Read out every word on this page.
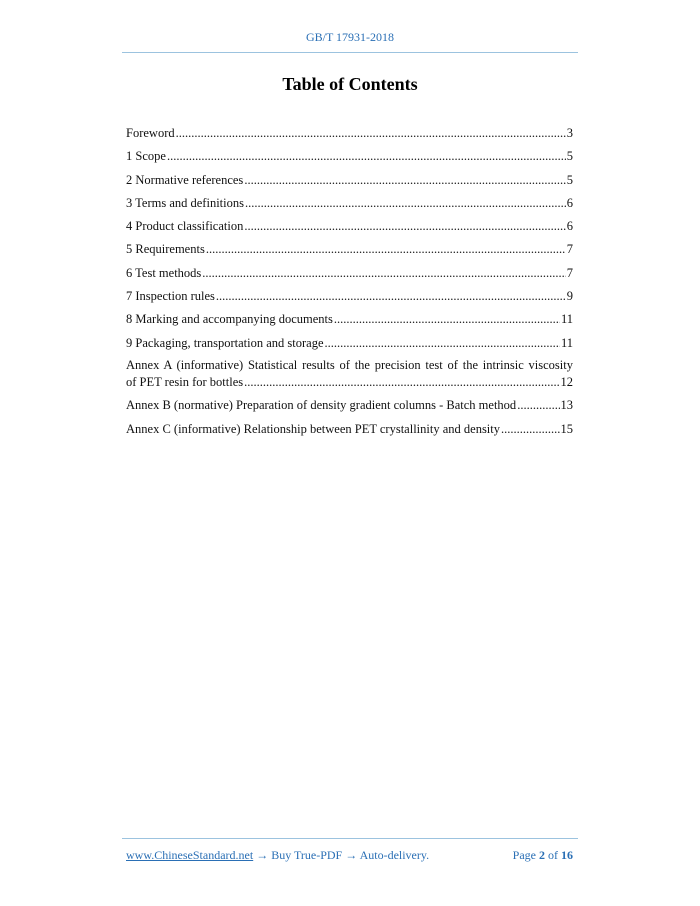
GB/T 17931-2018
Table of Contents
Foreword .....	3
1 Scope .....	5
2 Normative references .....	5
3 Terms and definitions .....	6
4 Product classification .....	6
5 Requirements .....	7
6 Test methods .....	7
7 Inspection rules .....	9
8 Marking and accompanying documents .....	11
9 Packaging, transportation and storage .....	11
Annex A (informative) Statistical results of the precision test of the intrinsic viscosity
of PET resin for bottles .....	12
Annex B (normative) Preparation of density gradient columns - Batch method .....	13
Annex C (informative) Relationship between PET crystallinity and density .....	15
www.ChineseStandard.net → Buy True-PDF → Auto-delivery.	Page 2 of 16
